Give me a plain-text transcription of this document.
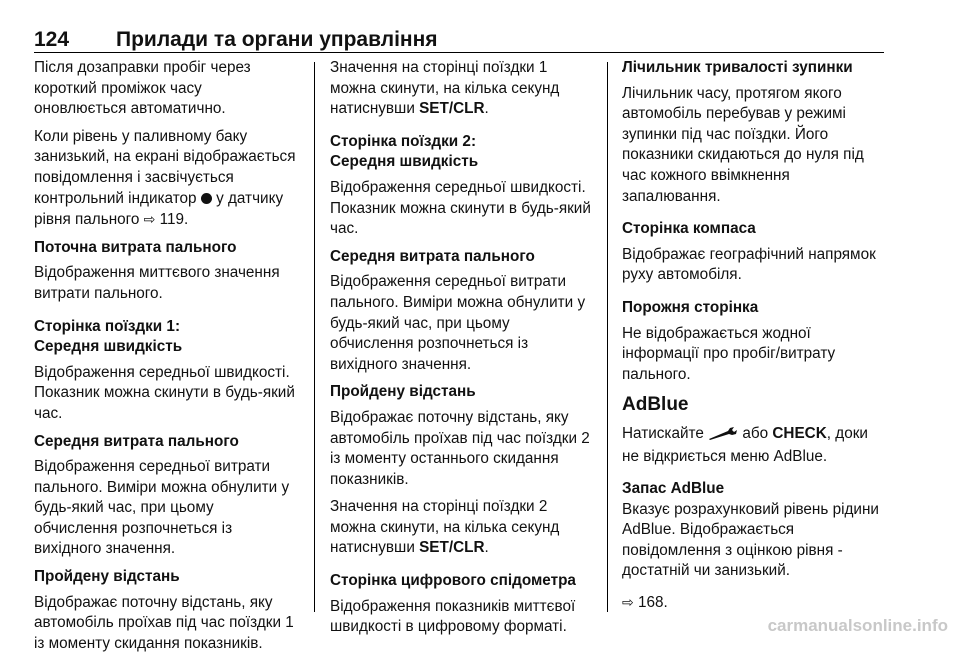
124 Прилади та органи управління

Після дозаправки пробіг через короткий проміжок часу оновлюється автоматично.

Коли рівень у паливному баку занизький, на екрані відображається повідомлення і засвічується контрольний індикатор у датчику рівня пального ⇨ 119.

Поточна витрата пального

Відображення миттєвого значення витрати пального.

Сторінка поїздки 1:

Середня швидкість

Відображення середньої швидкості. Показник можна скинути в будь-який час.

Середня витрата пального

Відображення середньої витрати пального. Виміри можна обнулити у будь-який час, при цьому обчислення розпочнеться із вихідного значення.

Пройдену відстань

Відображає поточну відстань, яку автомобіль проїхав під час поїздки 1 із моменту скидання показників.

Значення на сторінці поїздки 1 можна скинути, на кілька секунд натиснувши SET/CLR.

Сторінка поїздки 2:

Середня швидкість

Відображення середньої швидкості. Показник можна скинути в будь-який час.

Середня витрата пального

Відображення середньої витрати пального. Виміри можна обнулити у будь-який час, при цьому обчислення розпочнеться із вихідного значення.

Пройдену відстань

Відображає поточну відстань, яку автомобіль проїхав під час поїздки 2 із моменту останнього скидання показників.

Значення на сторінці поїздки 2 можна скинути, на кілька секунд натиснувши SET/CLR.

Сторінка цифрового спідометра

Відображення показників миттєвої швидкості в цифровому форматі.

Лічильник тривалості зупинки

Лічильник часу, протягом якого автомобіль перебував у режимі зупинки під час поїздки. Його показники скидаються до нуля під час кожного ввімкнення запалювання.

Сторінка компаса

Відображає географічний напрямок руху автомобіля.

Порожня сторінка

Не відображається жодної інформації про пробіг/витрату пального.

AdBlue

Натискайте	або CHECK, доки не відкриється меню AdBlue.

Запас AdBlue

Вказує розрахунковий рівень рідини AdBlue. Відображається повідомлення з оцінкою рівня - достатній чи занизький.

⇨ 168.

carmanualsonline.info
